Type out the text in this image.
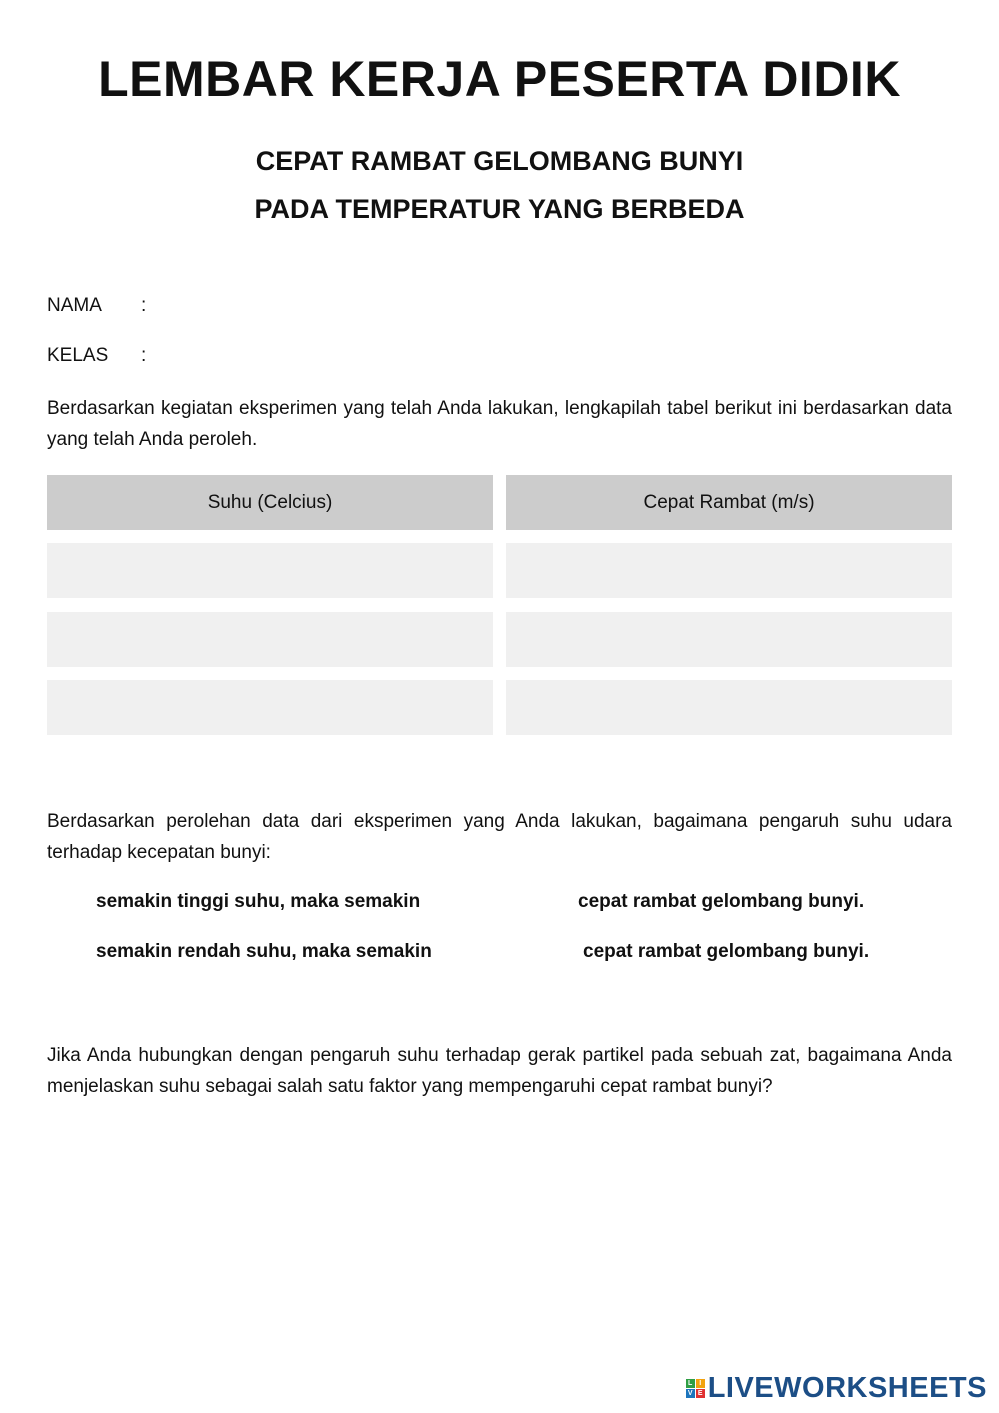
LEMBAR KERJA PESERTA DIDIK
CEPAT RAMBAT GELOMBANG BUNYI
PADA TEMPERATUR YANG BERBEDA
NAMA :
KELAS :

Berdasarkan kegiatan eksperimen yang telah Anda lakukan, lengkapilah tabel berikut ini berdasarkan data yang telah Anda peroleh.

Suhu (Celcius)	Cepat Rambat (m/s)

Berdasarkan perolehan data dari eksperimen yang Anda lakukan, bagaimana pengaruh suhu udara terhadap kecepatan bunyi:

semakin tinggi suhu, maka semakin	cepat rambat gelombang bunyi.
semakin rendah suhu, maka semakin	cepat rambat gelombang bunyi.

Jika Anda hubungkan dengan pengaruh suhu terhadap gerak partikel pada sebuah zat, bagaimana Anda menjelaskan suhu sebagai salah satu faktor yang mempengaruhi cepat rambat bunyi?

L I
V E LIVEWORKSHEETS
